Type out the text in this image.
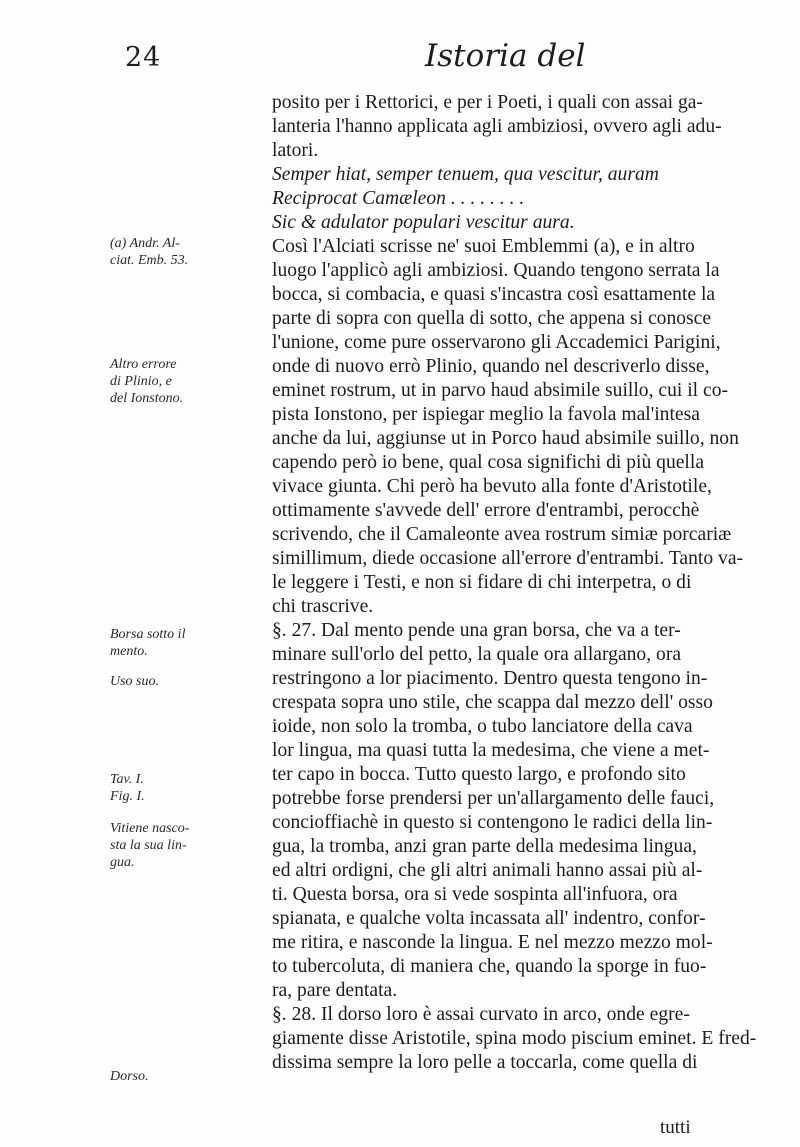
24	Istoria del
posito per i Rettorici, e per i Poeti, i quali con assai ga-
lanteria l'hanno applicata agli ambiziosi, ovvero agli adu-
latori.
Semper hiat, semper tenuem, qua vescitur, auram
Reciprocat Camæleon . . . . . . . .
Sic & adulator populari vescitur aura.
Così l'Alciati scrisse ne' suoi Emblemmi (a), e in altro
luogo l'applicò agli ambiziosi. Quando tengono serrata la
bocca, si combacia, e quasi s'incastra così esattamente la
parte di sopra con quella di sotto, che appena si conosce
l'unione, come pure osservarono gli Accademici Parigini,
onde di nuovo errò Plinio, quando nel descriverlo disse,
eminet rostrum, ut in parvo haud absimile suillo, cui il co-
pista Ionstono, per ispiegar meglio la favola mal'intesa
anche da lui, aggiunse ut in Porco haud absimile suillo, non
capendo però io bene, qual cosa significhi di più quella
vivace giunta. Chi però ha bevuto alla fonte d'Aristotile,
ottimamente s'avvede dell' errore d'entrambi, perocchè
scrivendo, che il Camaleonte avea rostrum simiæ porcariæ
simillimum, diede occasione all'errore d'entrambi. Tanto va-
le leggere i Testi, e non si fidare di chi interpetra, o di
chi trascrive.
§. 27. Dal mento pende una gran borsa, che va a ter-
minare sull'orlo del petto, la quale ora allargano, ora
restringono a lor piacimento. Dentro questa tengono in-
crespata sopra uno stile, che scappa dal mezzo dell' osso
ioide, non solo la tromba, o tubo lanciatore della cava
lor lingua, ma quasi tutta la medesima, che viene a met-
ter capo in bocca. Tutto questo largo, e profondo sito
potrebbe forse prendersi per un'allargamento delle fauci,
concioffiachè in questo si contengono le radici della lin-
gua, la tromba, anzi gran parte della medesima lingua,
ed altri ordigni, che gli altri animali hanno assai più al-
ti. Questa borsa, ora si vede sospinta all'infuora, ora
spianata, e qualche volta incassata all' indentro, confor-
me ritira, e nasconde la lingua. E nel mezzo mezzo mol-
to tubercoluta, di maniera che, quando la sporge in fuo-
ra, pare dentata.
§. 28. Il dorso loro è assai curvato in arco, onde egre-
giamente disse Aristotile, spina modo piscium eminet. E fred-
dissima sempre la loro pelle a toccarla, come quella di
(a) Andr. Al-
ciat. Emb. 53.
Altro errore
di Plinio, e
del Ionstono.
Borsa sotto il
mento.
Uso suo.
Tav. I.
Fig. I.
Vitiene nasco-
sta la sua lin-
gua.
Dorso.
tutti
